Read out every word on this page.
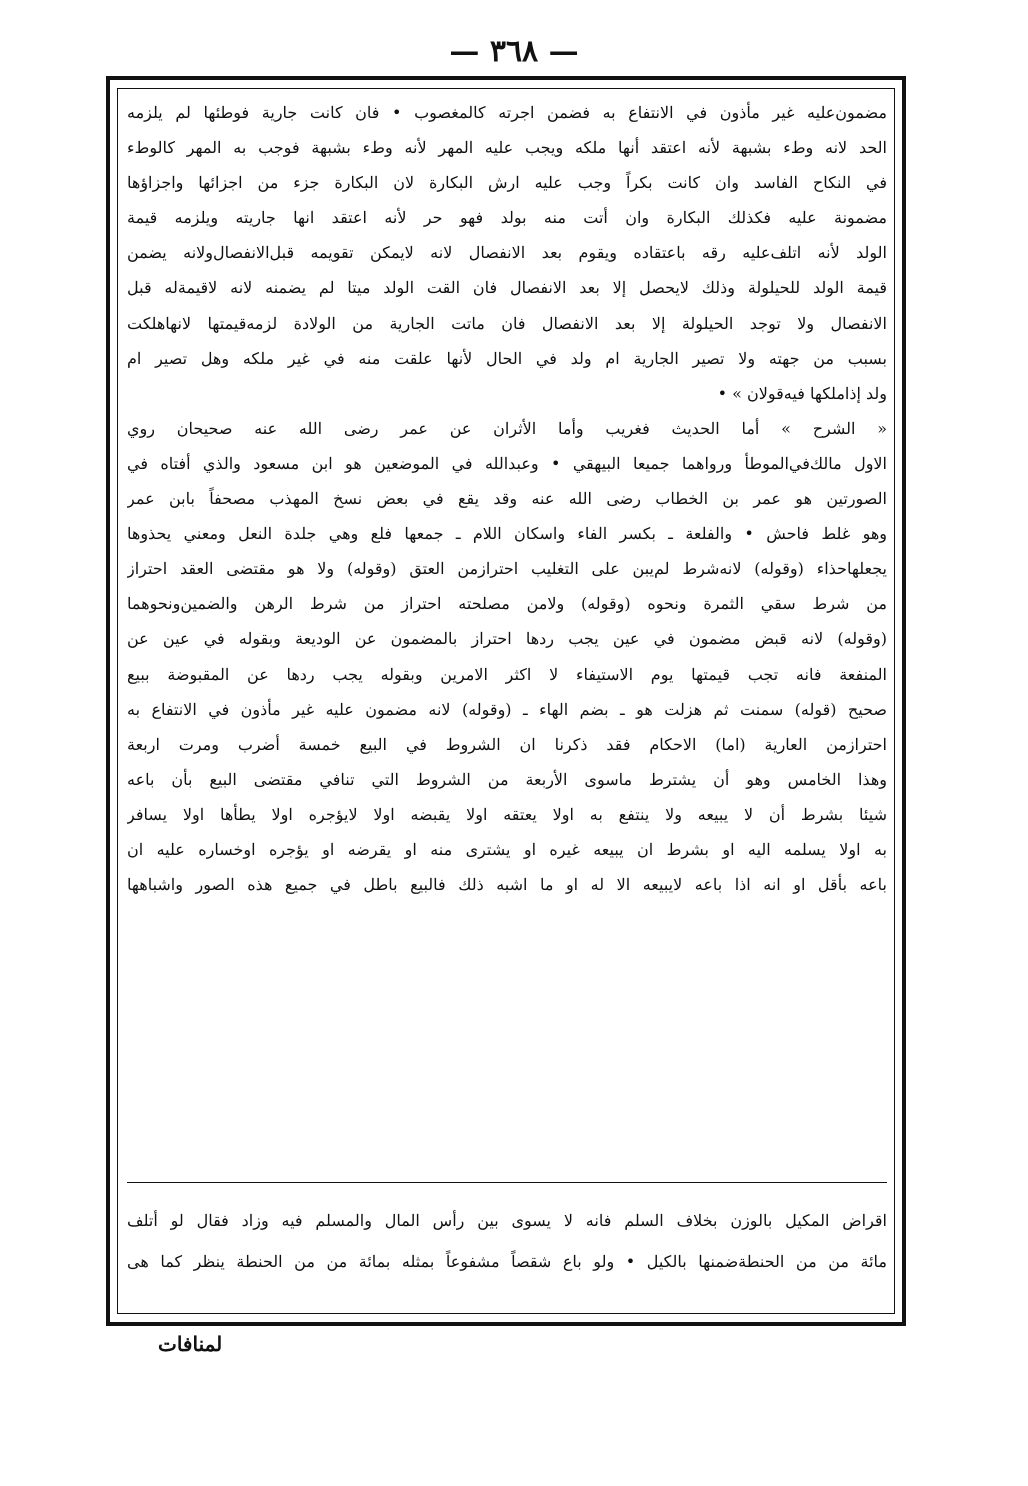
— ٣٦٨ —
مضمون‌عليه غير مأذون في الانتفاع به فضمن اجرته كالمغصوب • فان كانت جارية فوطئها لم يلزمه
الحد لانه وطء بشبهة لأنه اعتقد أنها ملكه ويجب عليه المهر لأنه وطء بشبهة فوجب به المهر كالوطء
في النكاح الفاسد وان كانت بكراً وجب عليه ارش البكارة لان البكارة جزء من اجزائها واجزاؤها
مضمونة عليه فكذلك البكارة وان أتت منه بولد فهو حر لأنه اعتقد انها جاريته ويلزمه قيمة
الولد لأنه اتلف‌عليه رقه باعتقاده ويقوم بعد الانفصال لانه لايمكن تقويمه قبل‌الانفصال‌ولانه يضمن
قيمة الولد للحيلولة وذلك لايحصل إلا بعد الانفصال فان القت الولد ميتا لم يضمنه لانه لاقيمة‌له قبل
الانفصال ولا توجد الحيلولة إلا بعد الانفصال فان ماتت الجارية من الولادة لزمه‌قيمتها لانها‌هلكت
بسبب من جهته ولا تصير الجارية ام ولد في الحال لأنها علقت منه في غير ملكه وهل تصير ام
ولد إذاملكها فيه‌قولان » •
« الشرح » أما الحديث فغريب وأما الأثران عن عمر رضى الله عنه صحيحان روي
الاول مالك‌في‌الموطأ ورواهما جميعا البيهقي • وعبدالله في الموضعين هو ابن مسعود والذي أفتاه في
الصورتين هو عمر بن الخطاب رضى الله عنه وقد يقع في بعض نسخ المهذب مصحفاً بابن عمر
وهو غلط فاحش • والفلعة ـ بكسر الفاء واسكان اللام ـ جمعها فلع وهي جلدة النعل ومعني يحذوها
يجعلها‌حذاء (وقوله) لانه‌شرط لم‌يبن على التغليب احترازمن العتق (وقوله) ولا هو مقتضى العقد احتراز
من شرط سقي الثمرة ونحوه (وقوله) ولامن مصلحته احتراز من شرط الرهن والضمين‌ونحوهما
(وقوله) لانه قبض مضمون في عين يجب ردها احتراز بالمضمون عن الوديعة وبقوله في عين عن
المنفعة فانه تجب قيمتها يوم الاستيفاء لا اكثر الامرين وبقوله يجب ردها عن المقبوضة ببيع
صحيح (قوله) سمنت ثم هزلت هو ـ بضم الهاء ـ (وقوله) لانه مضمون عليه غير مأذون في الانتفاع به
احترازمن العارية (اما) الاحكام فقد ذكرنا ان الشروط في البيع خمسة أضرب ومرت اربعة
وهذا الخامس وهو أن يشترط ماسوى الأربعة من الشروط التي تنافي مقتضى البيع بأن باعه
شيئا بشرط أن لا يبيعه ولا ينتفع به اولا يعتقه اولا يقبضه اولا لايؤجره اولا يطأها اولا يسافر
به اولا يسلمه اليه او بشرط ان يبيعه غيره او يشترى منه او يقرضه او يؤجره اوخساره عليه ان
باعه بأقل او انه اذا باعه لايبيعه الا له او ما اشبه ذلك فالبيع باطل في جميع هذه الصور واشباهها
اقراض المكيل بالوزن بخلاف السلم فانه لا يسوى بين رأس المال والمسلم فيه وزاد فقال لو أتلف
مائة من من الحنطة‌ضمنها بالكيل • ولو باع شقصاً مشفوعاً بمثله بمائة من من الحنطة ينظر كما هى
لمنافات
